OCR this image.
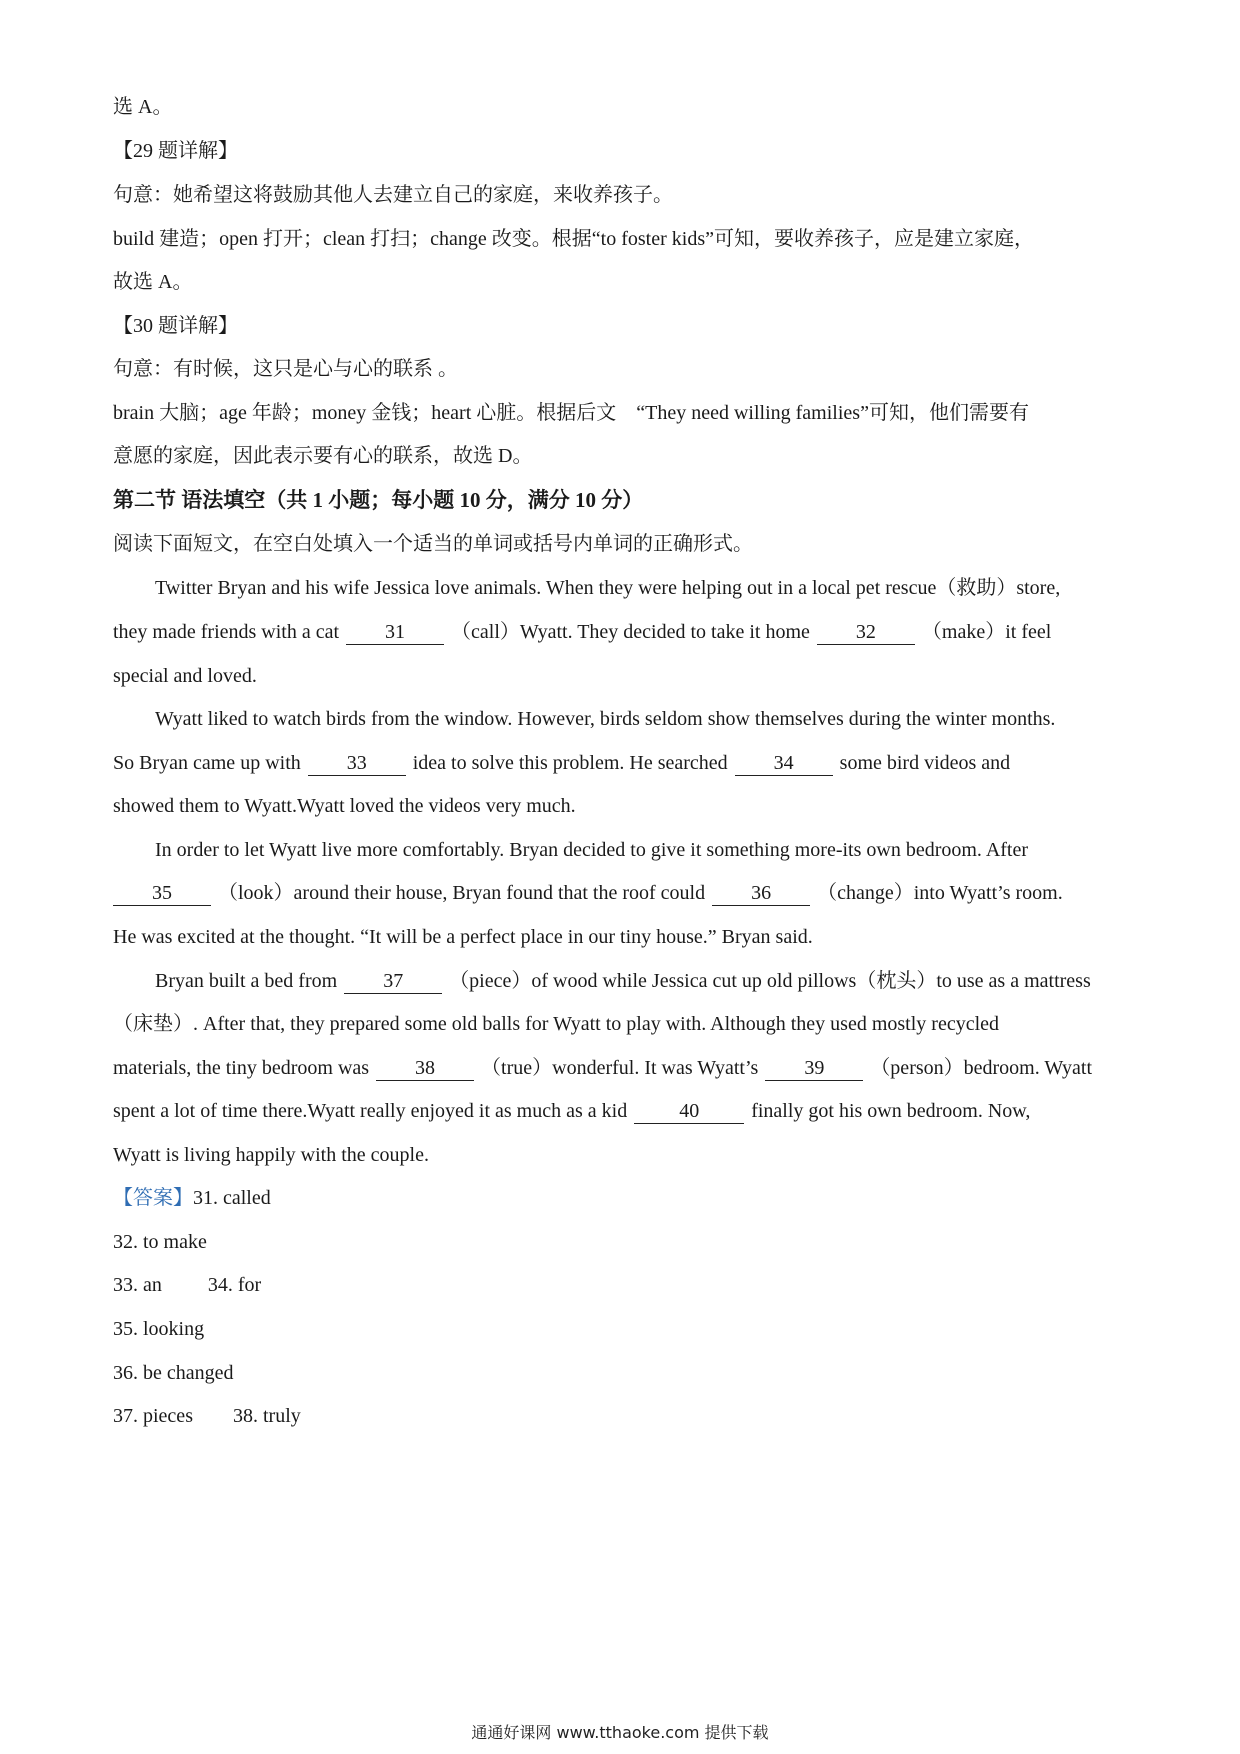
选 A。
【29 题详解】
句意：她希望这将鼓励其他人去建立自己的家庭，来收养孩子。
build 建造；open 打开；clean 打扫；change 改变。根据“to foster kids”可知，要收养孩子，应是建立家庭，
故选 A。
【30 题详解】
句意：有时候，这只是心与心的联系 。
brain 大脑；age 年龄；money 金钱；heart 心脏。根据后文　“They need willing families”可知，他们需要有
意愿的家庭，因此表示要有心的联系，故选 D。
第二节 语法填空（共 1 小题；每小题 10 分，满分 10 分）
阅读下面短文，在空白处填入一个适当的单词或括号内单词的正确形式。
Twitter Bryan and his wife Jessica love animals. When they were helping out in a local pet rescue（救助）store,
they made friends with a cat 31 （call）Wyatt. They decided to take it home 32 （make）it feel
special and loved.
Wyatt liked to watch birds from the window. However, birds seldom show themselves during the winter months.
So Bryan came up with 33 idea to solve this problem. He searched 34 some bird videos and
showed them to Wyatt.Wyatt loved the videos very much.
In order to let Wyatt live more comfortably. Bryan decided to give it something more-its own bedroom. After
35 （look）around their house, Bryan found that the roof could 36 （change）into Wyatt’s room.
He was excited at the thought. “It will be a perfect place in our tiny house.” Bryan said.
Bryan built a bed from 37 （piece）of wood while Jessica cut up old pillows（枕头）to use as a mattress
（床垫）. After that, they prepared some old balls for Wyatt to play with. Although they used mostly recycled
materials, the tiny bedroom was 38 （true）wonderful. It was Wyatt’s 39 （person）bedroom. Wyatt
spent a lot of time there.Wyatt really enjoyed it as much as a kid	40	finally got his own bedroom. Now,
Wyatt is living happily with the couple.
【答案】31. called
32. to make
33. an 34. for
35. looking
36. be changed
37. pieces 38. truly
通通好课网 www.tthaoke.com 提供下载
